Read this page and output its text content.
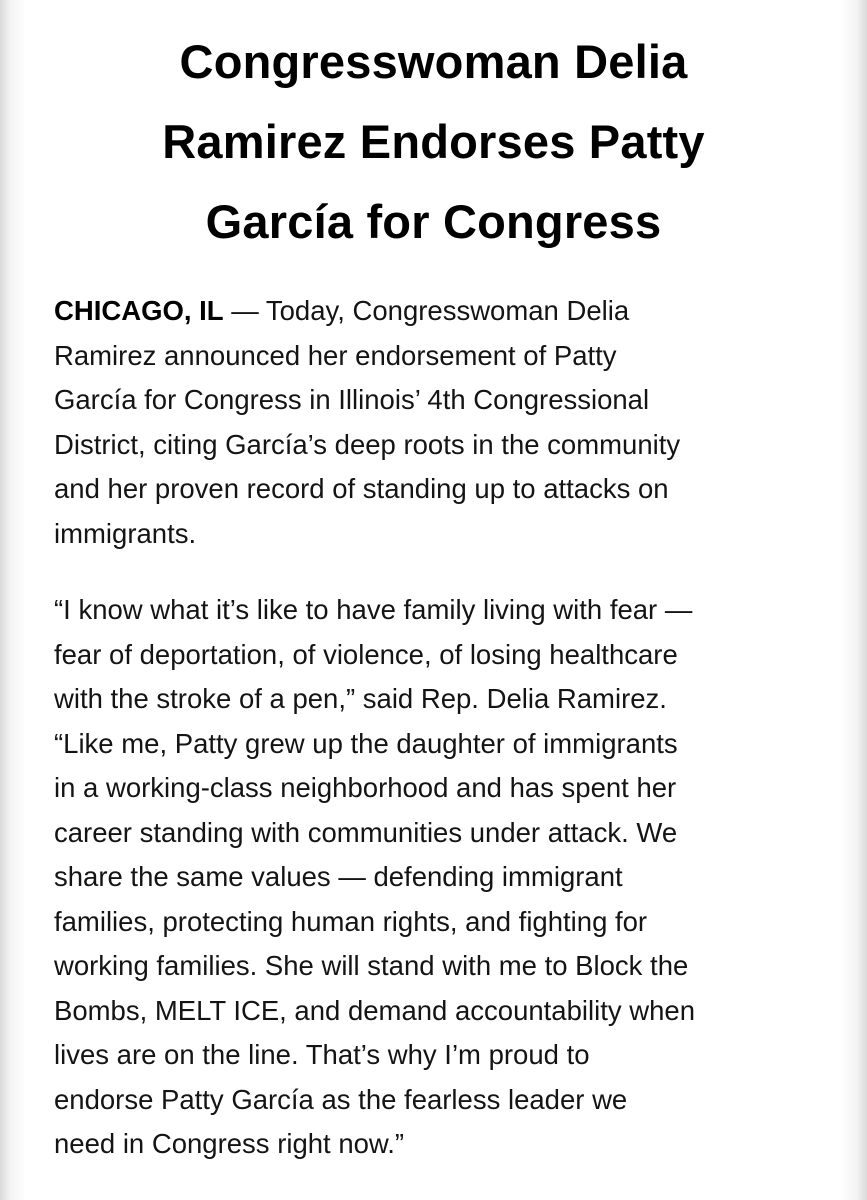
Congresswoman Delia
Ramirez Endorses Patty
García for Congress

CHICAGO, IL — Today, Congresswoman Delia
Ramirez announced her endorsement of Patty
García for Congress in Illinois’ 4th Congressional
District, citing García’s deep roots in the community
and her proven record of standing up to attacks on
immigrants.

“I know what it’s like to have family living with fear —
fear of deportation, of violence, of losing healthcare
with the stroke of a pen,” said Rep. Delia Ramirez.
“Like me, Patty grew up the daughter of immigrants
in a working-class neighborhood and has spent her
career standing with communities under attack. We
share the same values — defending immigrant
families, protecting human rights, and fighting for
working families. She will stand with me to Block the
Bombs, MELT ICE, and demand accountability when
lives are on the line. That’s why I’m proud to
endorse Patty García as the fearless leader we
need in Congress right now.”
